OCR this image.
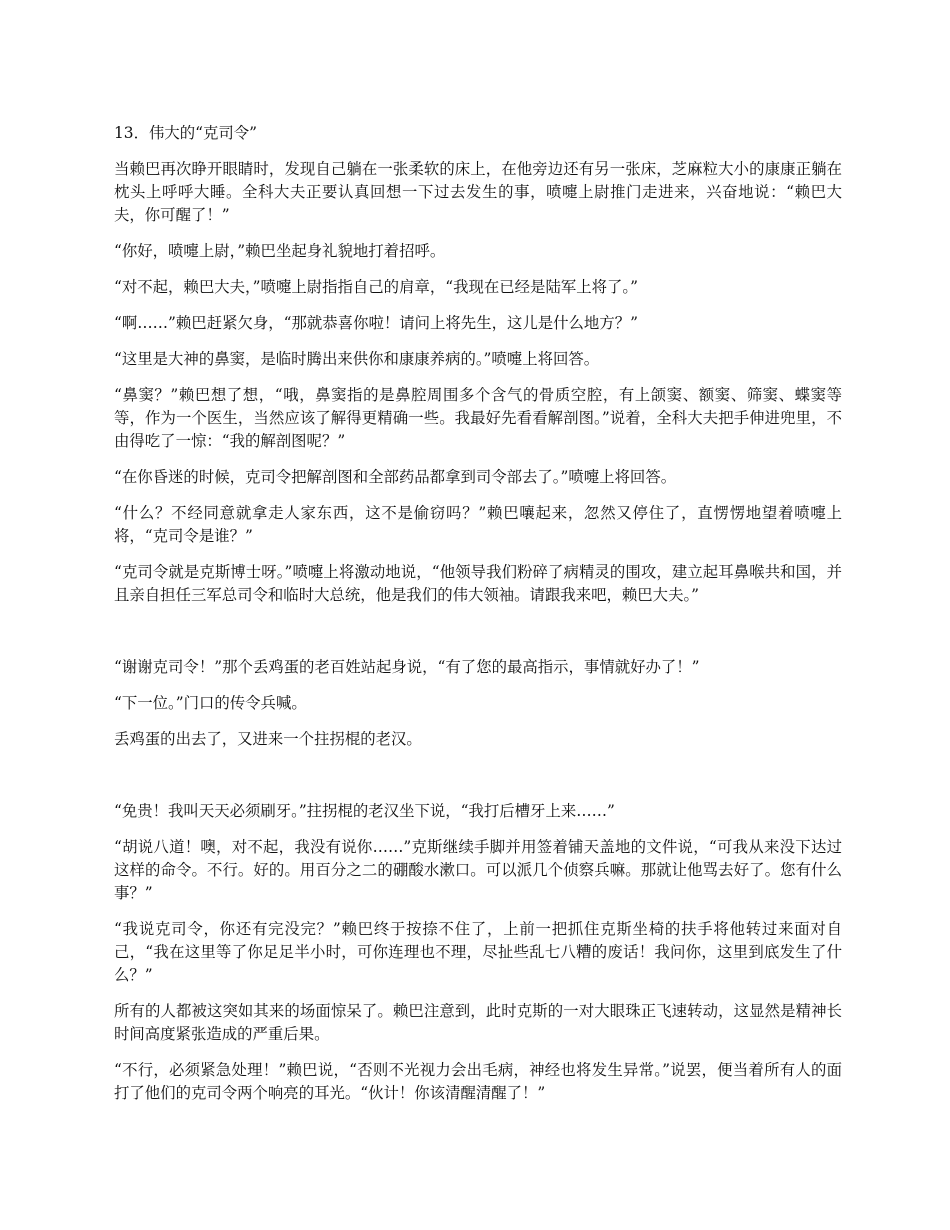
13．伟大的“克司令”

当赖巴再次睁开眼睛时，发现自己躺在一张柔软的床上，在他旁边还有另一张床，芝麻粒大小的康康正躺在枕头上呼呼大睡。全科大夫正要认真回想一下过去发生的事，喷嚏上尉推门走进来，兴奋地说：“赖巴大夫，你可醒了！”

“你好，喷嚏上尉，”赖巴坐起身礼貌地打着招呼。

“对不起，赖巴大夫，”喷嚏上尉指指自己的肩章，“我现在已经是陆军上将了。”

“啊……”赖巴赶紧欠身，“那就恭喜你啦！请问上将先生，这儿是什么地方？”

“这里是大神的鼻窦，是临时腾出来供你和康康养病的。”喷嚏上将回答。

“鼻窦？”赖巴想了想，“哦，鼻窦指的是鼻腔周围多个含气的骨质空腔，有上颌窦、额窦、筛窦、蝶窦等等，作为一个医生，当然应该了解得更精确一些。我最好先看看解剖图。”说着，全科大夫把手伸进兜里，不由得吃了一惊：“我的解剖图呢？”

“在你昏迷的时候，克司令把解剖图和全部药品都拿到司令部去了。”喷嚏上将回答。

“什么？不经同意就拿走人家东西，这不是偷窃吗？”赖巴嚷起来，忽然又停住了，直愣愣地望着喷嚏上将，“克司令是谁？”

“克司令就是克斯博士呀。”喷嚏上将激动地说，“他领导我们粉碎了病精灵的围攻，建立起耳鼻喉共和国，并且亲自担任三军总司令和临时大总统，他是我们的伟大领袖。请跟我来吧，赖巴大夫。”

“谢谢克司令！”那个丢鸡蛋的老百姓站起身说，“有了您的最高指示，事情就好办了！”

“下一位。”门口的传令兵喊。

丢鸡蛋的出去了，又进来一个拄拐棍的老汉。

“免贵！我叫天天必须刷牙。”拄拐棍的老汉坐下说，“我打后槽牙上来……”

“胡说八道！噢，对不起，我没有说你……”克斯继续手脚并用签着铺天盖地的文件说，“可我从来没下达过这样的命令。不行。好的。用百分之二的硼酸水漱口。可以派几个侦察兵嘛。那就让他骂去好了。您有什么事？”

“我说克司令，你还有完没完？”赖巴终于按捺不住了，上前一把抓住克斯坐椅的扶手将他转过来面对自己，“我在这里等了你足足半小时，可你连理也不理，尽扯些乱七八糟的废话！我问你，这里到底发生了什么？”

所有的人都被这突如其来的场面惊呆了。赖巴注意到，此时克斯的一对大眼珠正飞速转动，这显然是精神长时间高度紧张造成的严重后果。

“不行，必须紧急处理！”赖巴说，“否则不光视力会出毛病，神经也将发生异常。”说罢，便当着所有人的面打了他们的克司令两个响亮的耳光。“伙计！你该清醒清醒了！”
